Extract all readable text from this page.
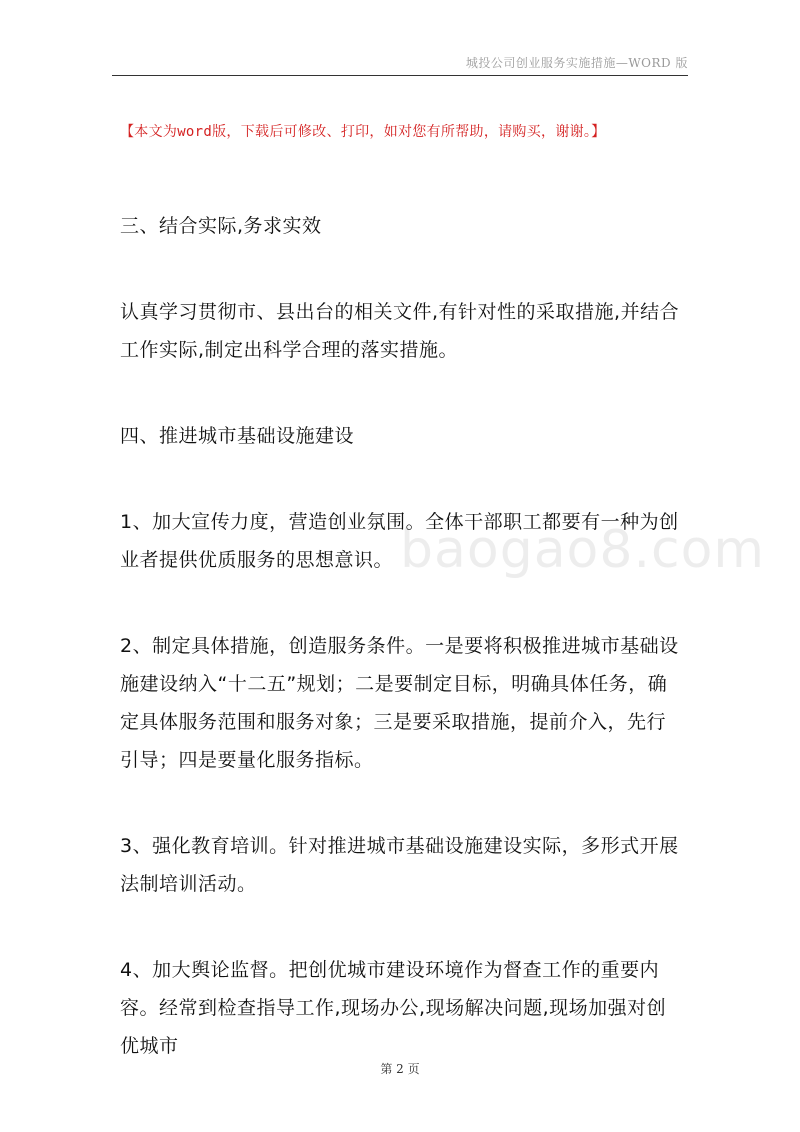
城投公司创业服务实施措施—WORD 版
【本文为word版，下载后可修改、打印，如对您有所帮助，请购买，谢谢。】
baogao8.com
三、结合实际,务求实效
认真学习贯彻市、县出台的相关文件,有针对性的采取措施,并结合工作实际,制定出科学合理的落实措施。
四、推进城市基础设施建设
1、加大宣传力度，营造创业氛围。全体干部职工都要有一种为创业者提供优质服务的思想意识。
2、制定具体措施，创造服务条件。一是要将积极推进城市基础设施建设纳入“十二五”规划；二是要制定目标，明确具体任务，确定具体服务范围和服务对象；三是要采取措施，提前介入，先行引导；四是要量化服务指标。
3、强化教育培训。针对推进城市基础设施建设实际，多形式开展法制培训活动。
4、加大舆论监督。把创优城市建设环境作为督查工作的重要内容。经常到检查指导工作,现场办公,现场解决问题,现场加强对创优城市
第 2 页
